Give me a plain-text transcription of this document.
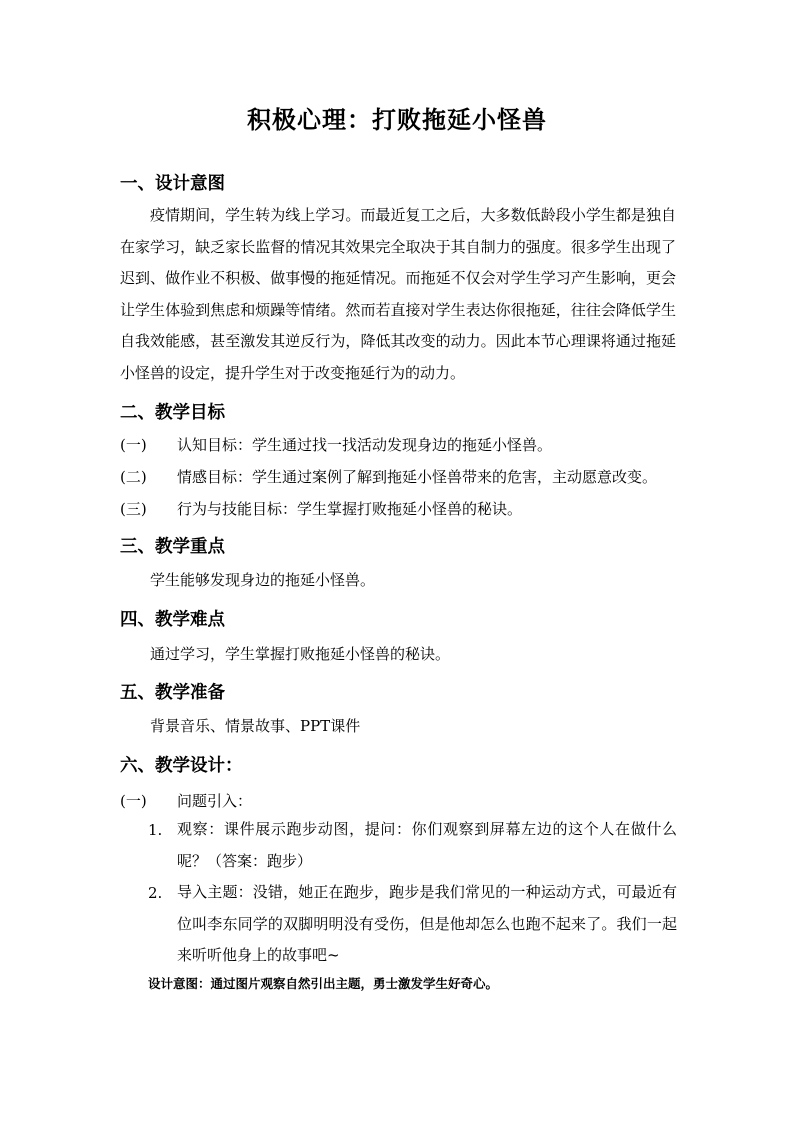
积极心理：打败拖延小怪兽
一、设计意图

疫情期间，学生转为线上学习。而最近复工之后，大多数低龄段小学生都是独自在家学习，缺乏家长监督的情况其效果完全取决于其自制力的强度。很多学生出现了迟到、做作业不积极、做事慢的拖延情况。而拖延不仅会对学生学习产生影响，更会让学生体验到焦虑和烦躁等情绪。然而若直接对学生表达你很拖延，往往会降低学生自我效能感，甚至激发其逆反行为，降低其改变的动力。因此本节心理课将通过拖延小怪兽的设定，提升学生对于改变拖延行为的动力。

二、教学目标
(一) 认知目标：学生通过找一找活动发现身边的拖延小怪兽。
(二) 情感目标：学生通过案例了解到拖延小怪兽带来的危害，主动愿意改变。
(三) 行为与技能目标：学生掌握打败拖延小怪兽的秘诀。
三、教学重点
学生能够发现身边的拖延小怪兽。
四、教学难点
通过学习，学生掌握打败拖延小怪兽的秘诀。
五、教学准备
背景音乐、情景故事、PPT课件
六、教学设计：
(一) 问题引入：
1. 观察：课件展示跑步动图，提问：你们观察到屏幕左边的这个人在做什么呢？（答案：跑步）

2. 导入主题：没错，她正在跑步，跑步是我们常见的一种运动方式，可最近有位叫李东同学的双脚明明没有受伤，但是他却怎么也跑不起来了。我们一起来听听他身上的故事吧~

设计意图：通过图片观察自然引出主题，勇士激发学生好奇心。
